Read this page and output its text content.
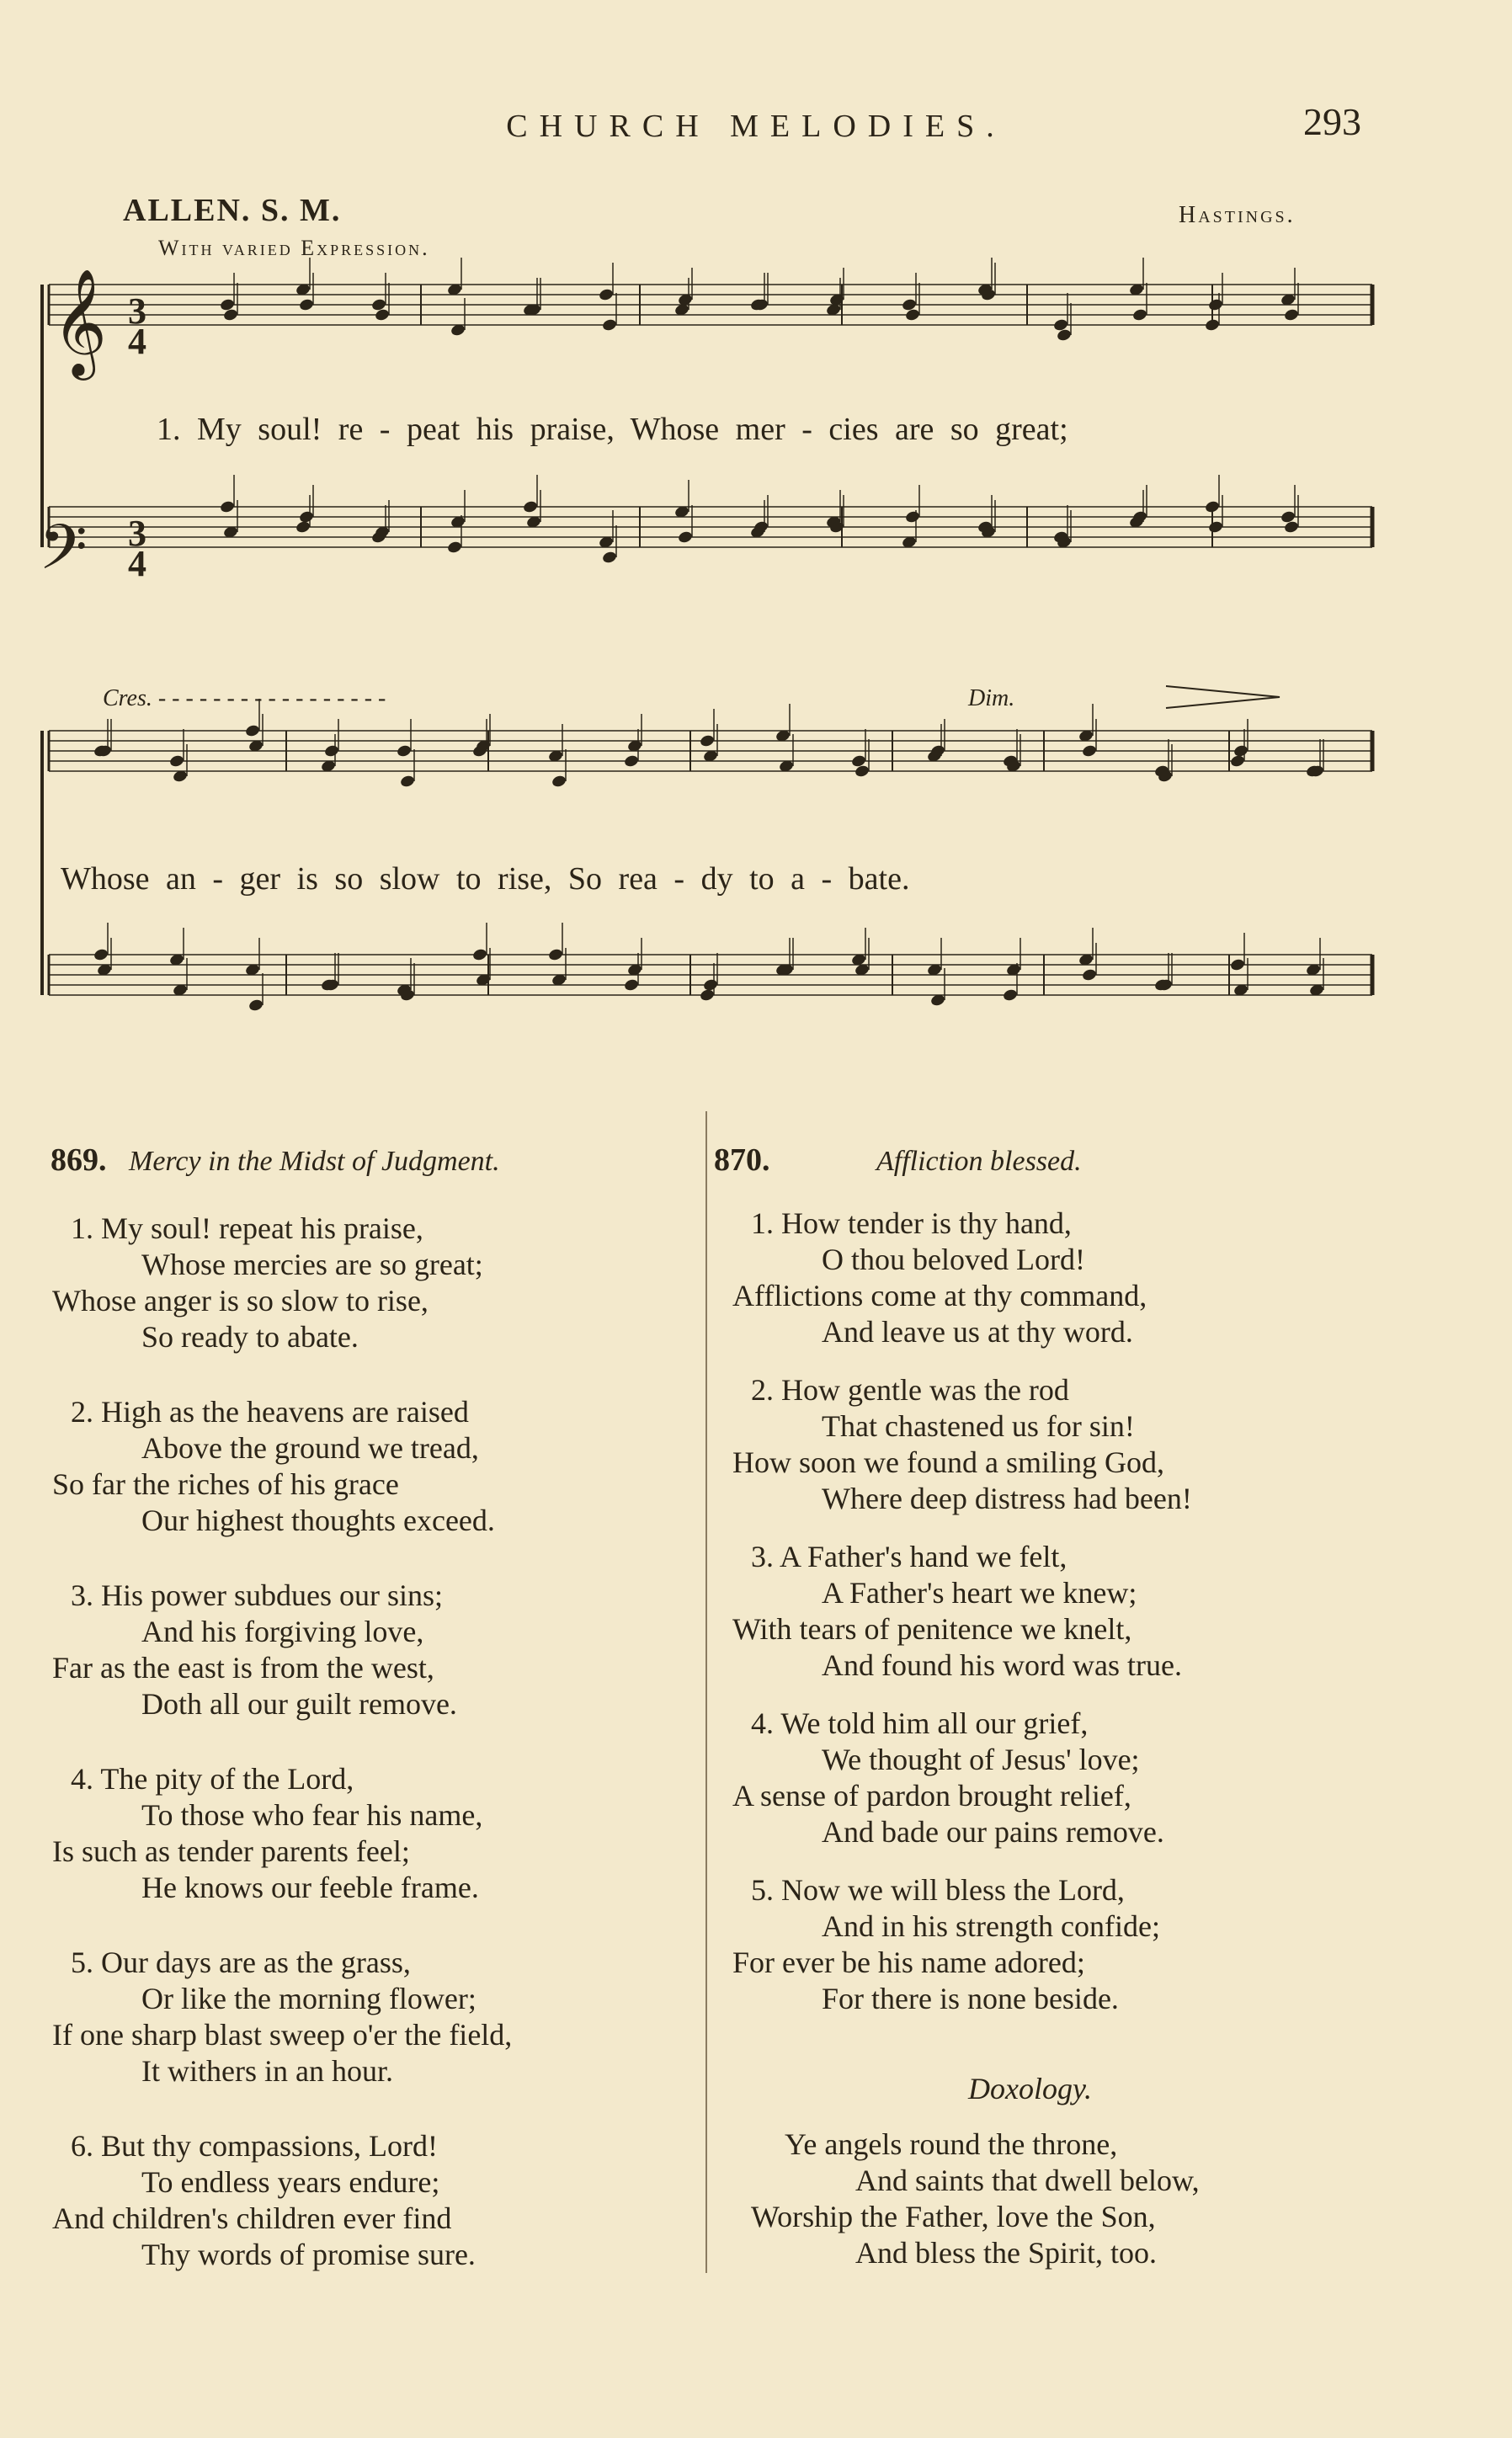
CHURCH MELODIES.	293
ALLEN. S. M.	Hastings.
With varied Expression.
𝄞
𝄢
3
4
3
4
Cres. - - - - - - - - - - - - - - - - -	Dim.
1. My soul! re - peat his praise, Whose mer - cies are so great;
Whose an - ger is so slow to rise, So rea - dy to a - bate.
869. Mercy in the Midst of Judgment.
1. My soul! repeat his praise,
Whose mercies are so great;
Whose anger is so slow to rise,
So ready to abate.
2. High as the heavens are raised
Above the ground we tread,
So far the riches of his grace
Our highest thoughts exceed.
3. His power subdues our sins;
And his forgiving love,
Far as the east is from the west,
Doth all our guilt remove.
4. The pity of the Lord,
To those who fear his name,
Is such as tender parents feel;
He knows our feeble frame.
5. Our days are as the grass,
Or like the morning flower;
If one sharp blast sweep o'er the field,
It withers in an hour.
6. But thy compassions, Lord!
To endless years endure;
And children's children ever find
Thy words of promise sure.
870.	Affliction blessed.
1. How tender is thy hand,
O thou beloved Lord!
Afflictions come at thy command,
And leave us at thy word.
2. How gentle was the rod
That chastened us for sin!
How soon we found a smiling God,
Where deep distress had been!
3. A Father's hand we felt,
A Father's heart we knew;
With tears of penitence we knelt,
And found his word was true.
4. We told him all our grief,
We thought of Jesus' love;
A sense of pardon brought relief,
And bade our pains remove.
5. Now we will bless the Lord,
And in his strength confide;
For ever be his name adored;
For there is none beside.
Doxology.
Ye angels round the throne,
And saints that dwell below,
Worship the Father, love the Son,
And bless the Spirit, too.
